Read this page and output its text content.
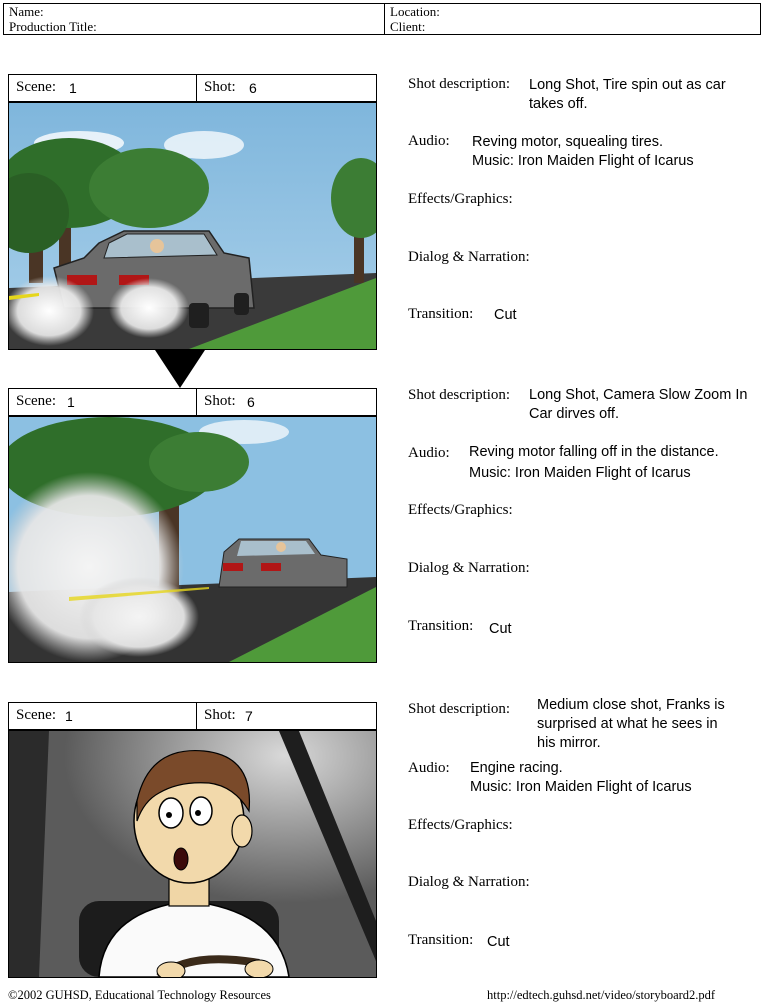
Name:
Production Title:
Location:
Client:
Scene: 1	Shot: 6	Shot description: Long Shot, Tire spin out as car
takes off.
Audio: Reving motor, squealing tires.
Music: Iron Maiden Flight of Icarus
Effects/Graphics:
Dialog & Narration:
Transition: Cut
Scene: 1	Shot: 6	Shot description: Long Shot, Camera Slow Zoom In
Car dirves off.
Audio: Reving motor falling off in the distance.
Music: Iron Maiden Flight of Icarus
Effects/Graphics:
Dialog & Narration:
Transition: Cut
Scene: 1	Shot: 7	Shot description: Medium close shot, Franks is
surprised at what he sees in
his mirror.
Audio: Engine racing.
Music: Iron Maiden Flight of Icarus
Effects/Graphics:
Dialog & Narration:
Transition: Cut
©2002 GUHSD, Educational Technology Resources	http://edtech.guhsd.net/video/storyboard2.pdf
